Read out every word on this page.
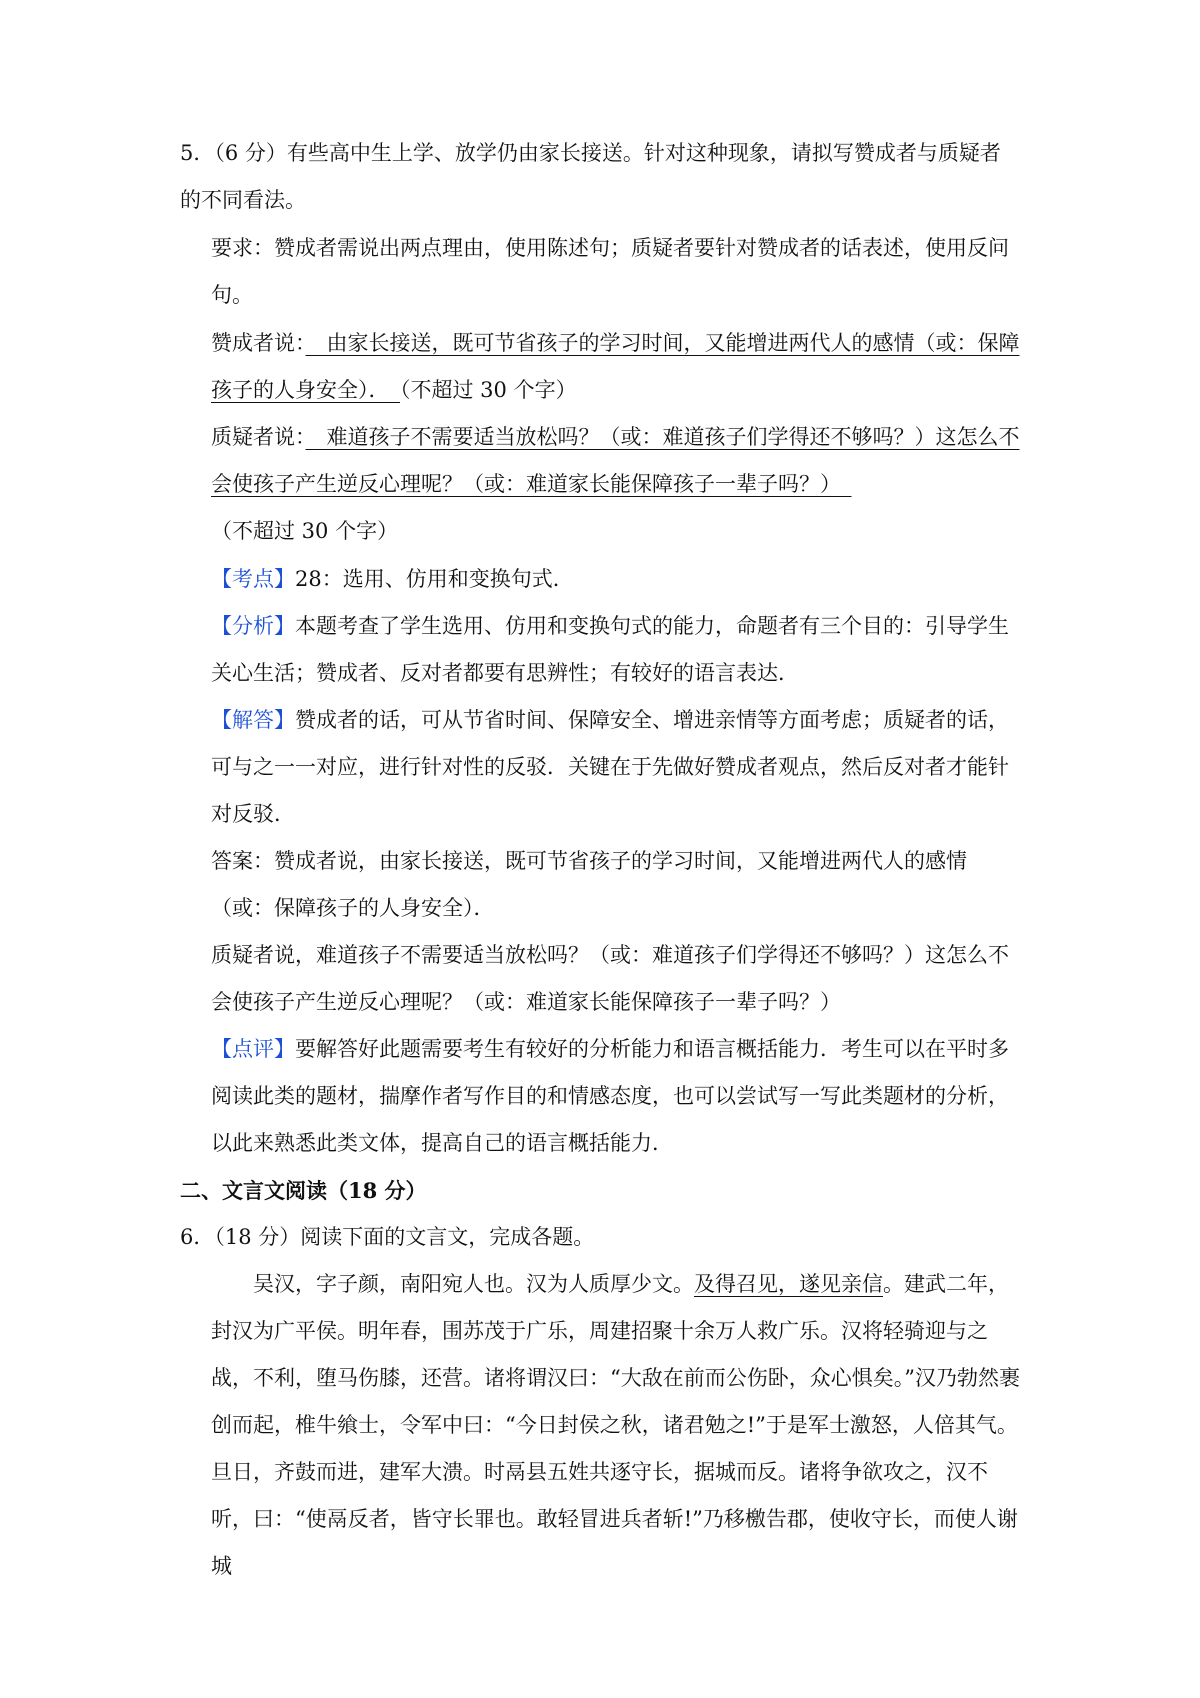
5．（6 分）有些高中生上学、放学仍由家长接送。针对这种现象，请拟写赞成者与质疑者的不同看法。
要求：赞成者需说出两点理由，使用陈述句；质疑者要针对赞成者的话表述，使用反问句。
赞成者说：　由家长接送，既可节省孩子的学习时间，又能增进两代人的感情（或：保障孩子的人身安全）．　（不超过 30 个字）
质疑者说：　难道孩子不需要适当放松吗？（或：难道孩子们学得还不够吗？）这怎么不会使孩子产生逆反心理呢？（或：难道家长能保障孩子一辈子吗？）　（不超过 30 个字）
【考点】28：选用、仿用和变换句式．
【分析】本题考查了学生选用、仿用和变换句式的能力，命题者有三个目的：引导学生关心生活；赞成者、反对者都要有思辨性；有较好的语言表达．
【解答】赞成者的话，可从节省时间、保障安全、增进亲情等方面考虑；质疑者的话，可与之一一对应，进行针对性的反驳．关键在于先做好赞成者观点，然后反对者才能针对反驳．
答案：赞成者说，由家长接送，既可节省孩子的学习时间，又能增进两代人的感情（或：保障孩子的人身安全）．
质疑者说，难道孩子不需要适当放松吗？（或：难道孩子们学得还不够吗？）这怎么不会使孩子产生逆反心理呢？（或：难道家长能保障孩子一辈子吗？）
【点评】要解答好此题需要考生有较好的分析能力和语言概括能力．考生可以在平时多阅读此类的题材，揣摩作者写作目的和情感态度，也可以尝试写一写此类题材的分析，以此来熟悉此类文体，提高自己的语言概括能力．
二、文言文阅读（18 分）
6．（18 分）阅读下面的文言文，完成各题。
吴汉，字子颜，南阳宛人也。汉为人质厚少文。及得召见，遂见亲信。建武二年，封汉为广平侯。明年春，围苏茂于广乐，周建招聚十余万人救广乐。汉将轻骑迎与之战，不利，堕马伤膝，还营。诸将谓汉曰：“大敌在前而公伤卧，众心惧矣。”汉乃勃然裹创而起，椎牛飨士，令军中曰：“今日封侯之秋，诸君勉之!”于是军士激怒，人倍其气。旦日，齐鼓而进，建军大溃。时鬲县五姓共逐守长，据城而反。诸将争欲攻之，汉不听，曰：“使鬲反者，皆守长罪也。敢轻冒进兵者斩!”乃移檄告郡，使收守长，而使人谢城
